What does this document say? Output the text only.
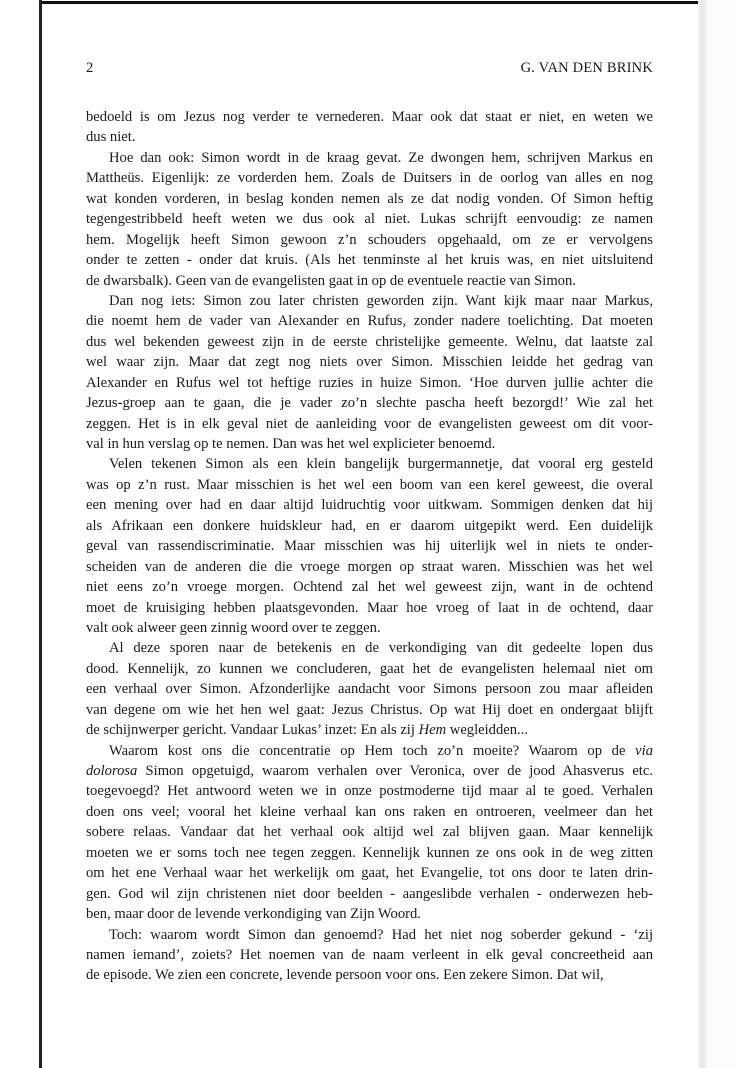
2	G. VAN DEN BRINK
bedoeld is om Jezus nog verder te vernederen. Maar ook dat staat er niet, en weten we
dus niet.
Hoe dan ook: Simon wordt in de kraag gevat. Ze dwongen hem, schrijven Markus en
Mattheüs. Eigenlijk: ze vorderden hem. Zoals de Duitsers in de oorlog van alles en nog
wat konden vorderen, in beslag konden nemen als ze dat nodig vonden. Of Simon heftig
tegengestribbeld heeft weten we dus ook al niet. Lukas schrijft eenvoudig: ze namen
hem. Mogelijk heeft Simon gewoon z’n schouders opgehaald, om ze er vervolgens
onder te zetten - onder dat kruis. (Als het tenminste al het kruis was, en niet uitsluitend
de dwarsbalk). Geen van de evangelisten gaat in op de eventuele reactie van Simon.
Dan nog iets: Simon zou later christen geworden zijn. Want kijk maar naar Markus,
die noemt hem de vader van Alexander en Rufus, zonder nadere toelichting. Dat moeten
dus wel bekenden geweest zijn in de eerste christelijke gemeente. Welnu, dat laatste zal
wel waar zijn. Maar dat zegt nog niets over Simon. Misschien leidde het gedrag van
Alexander en Rufus wel tot heftige ruzies in huize Simon. ‘Hoe durven jullie achter die
Jezus-groep aan te gaan, die je vader zo’n slechte pascha heeft bezorgd!’ Wie zal het
zeggen. Het is in elk geval niet de aanleiding voor de evangelisten geweest om dit voor-
val in hun verslag op te nemen. Dan was het wel explicieter benoemd.
Velen tekenen Simon als een klein bangelijk burgermannetje, dat vooral erg gesteld
was op z’n rust. Maar misschien is het wel een boom van een kerel geweest, die overal
een mening over had en daar altijd luidruchtig voor uitkwam. Sommigen denken dat hij
als Afrikaan een donkere huidskleur had, en er daarom uitgepikt werd. Een duidelijk
geval van rassendiscriminatie. Maar misschien was hij uiterlijk wel in niets te onder-
scheiden van de anderen die die vroege morgen op straat waren. Misschien was het wel
niet eens zo’n vroege morgen. Ochtend zal het wel geweest zijn, want in de ochtend
moet de kruisiging hebben plaatsgevonden. Maar hoe vroeg of laat in de ochtend, daar
valt ook alweer geen zinnig woord over te zeggen.
Al deze sporen naar de betekenis en de verkondiging van dit gedeelte lopen dus
dood. Kennelijk, zo kunnen we concluderen, gaat het de evangelisten helemaal niet om
een verhaal over Simon. Afzonderlijke aandacht voor Simons persoon zou maar afleiden
van degene om wie het hen wel gaat: Jezus Christus. Op wat Hij doet en ondergaat blijft
de schijnwerper gericht. Vandaar Lukas’ inzet: En als zij Hem wegleidden...
Waarom kost ons die concentratie op Hem toch zo’n moeite? Waarom op de via
dolorosa Simon opgetuigd, waarom verhalen over Veronica, over de jood Ahasverus etc.
toegevoegd? Het antwoord weten we in onze postmoderne tijd maar al te goed. Verhalen
doen ons veel; vooral het kleine verhaal kan ons raken en ontroeren, veelmeer dan het
sobere relaas. Vandaar dat het verhaal ook altijd wel zal blijven gaan. Maar kennelijk
moeten we er soms toch nee tegen zeggen. Kennelijk kunnen ze ons ook in de weg zitten
om het ene Verhaal waar het werkelijk om gaat, het Evangelie, tot ons door te laten drin-
gen. God wil zijn christenen niet door beelden - aangeslibde verhalen - onderwezen heb-
ben, maar door de levende verkondiging van Zijn Woord.
Toch: waarom wordt Simon dan genoemd? Had het niet nog soberder gekund - ‘zij
namen iemand’, zoiets? Het noemen van de naam verleent in elk geval concreetheid aan
de episode. We zien een concrete, levende persoon voor ons. Een zekere Simon. Dat wil,
